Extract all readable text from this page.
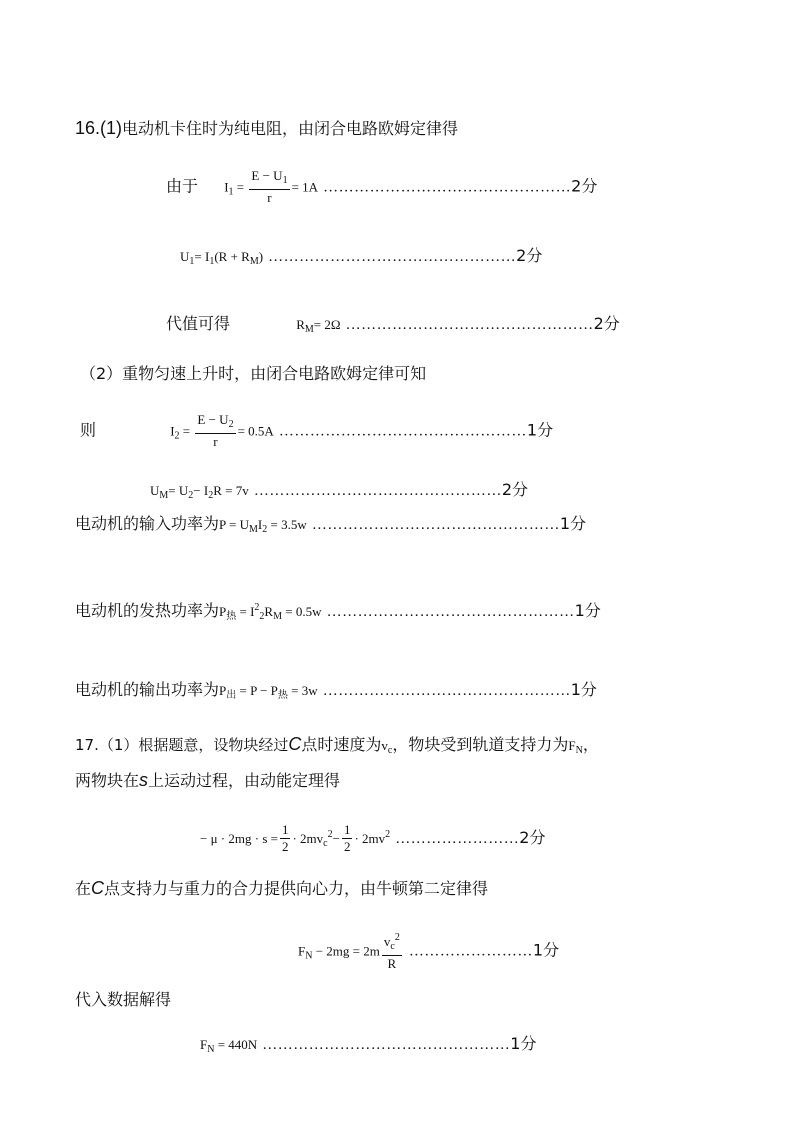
16.(1)电动机卡住时为纯电阻，由闭合电路欧姆定律得
由于 $I_1 = \frac{E - U_1}{r} = 1A$ …………………………………………2分
$U_1= I_1(R + R_M)$ …………………………………………2分
代值可得	$R_M= 2\Omega$ …………………………………………2分
（2）重物匀速上升时，由闭合电路欧姆定律可知
则	$I_2 = \frac{E - U_2}{r} = 0.5A$ …………………………………………1分
$U_M= U_2- I_2R = 7v$ …………………………………………2分
电动机的输入功率为$P = U_MI_2 = 3.5w$ …………………………………………1分
电动机的发热功率为$P_热 = I^2_2R_M = 0.5w$ …………………………………………1分
电动机的输出功率为$P_出 = P - P_热 = 3w$ …………………………………………1分
17.（1）根据题意，设物块经过C点时速度为$v_c$，物块受到轨道支持力为$F_N$，
两物块在s上运动过程，由动能定理得
− $\mu \cdot 2mg \cdot s = \frac{1}{2} \cdot 2mv_c^2- \frac{1}{2} \cdot 2mv^2$ ……………………2分
在C点支持力与重力的合力提供向心力，由牛顿第二定律得
$F_N - 2mg = 2m \frac{v_c^2}{R}$ ……………………1分
代入数据解得
$F_N = 440N$ …………………………………………1分
